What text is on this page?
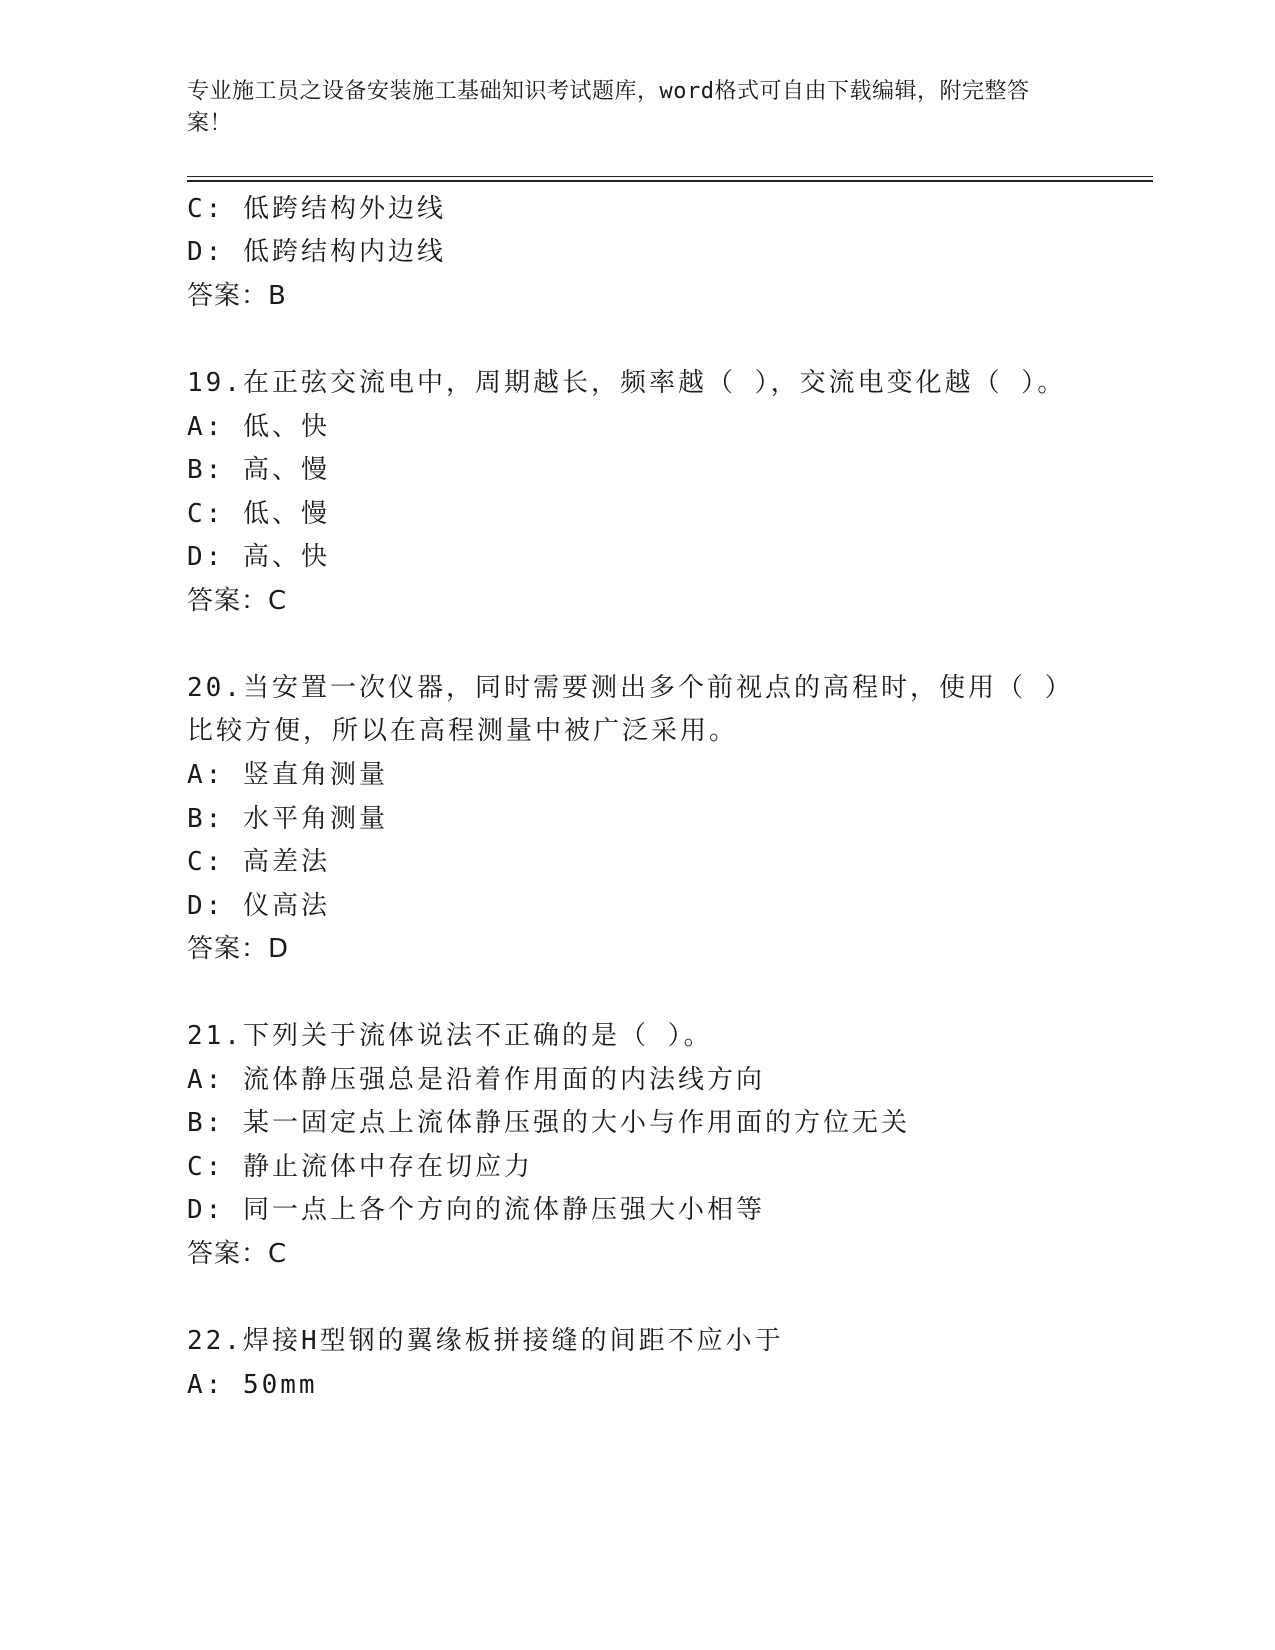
专业施工员之设备安装施工基础知识考试题库，word格式可自由下载编辑，附完整答案！
C: 低跨结构外边线
D: 低跨结构内边线
答案：B
19.在正弦交流电中，周期越长，频率越（ ），交流电变化越（ ）。
A: 低、快
B: 高、慢
C: 低、慢
D: 高、快
答案：C
20.当安置一次仪器，同时需要测出多个前视点的高程时，使用（ ）
比较方便，所以在高程测量中被广泛采用。
A: 竖直角测量
B: 水平角测量
C: 高差法
D: 仪高法
答案：D
21.下列关于流体说法不正确的是（ ）。
A: 流体静压强总是沿着作用面的内法线方向
B: 某一固定点上流体静压强的大小与作用面的方位无关
C: 静止流体中存在切应力
D: 同一点上各个方向的流体静压强大小相等
答案：C
22.焊接H型钢的翼缘板拼接缝的间距不应小于
A: 50mm
